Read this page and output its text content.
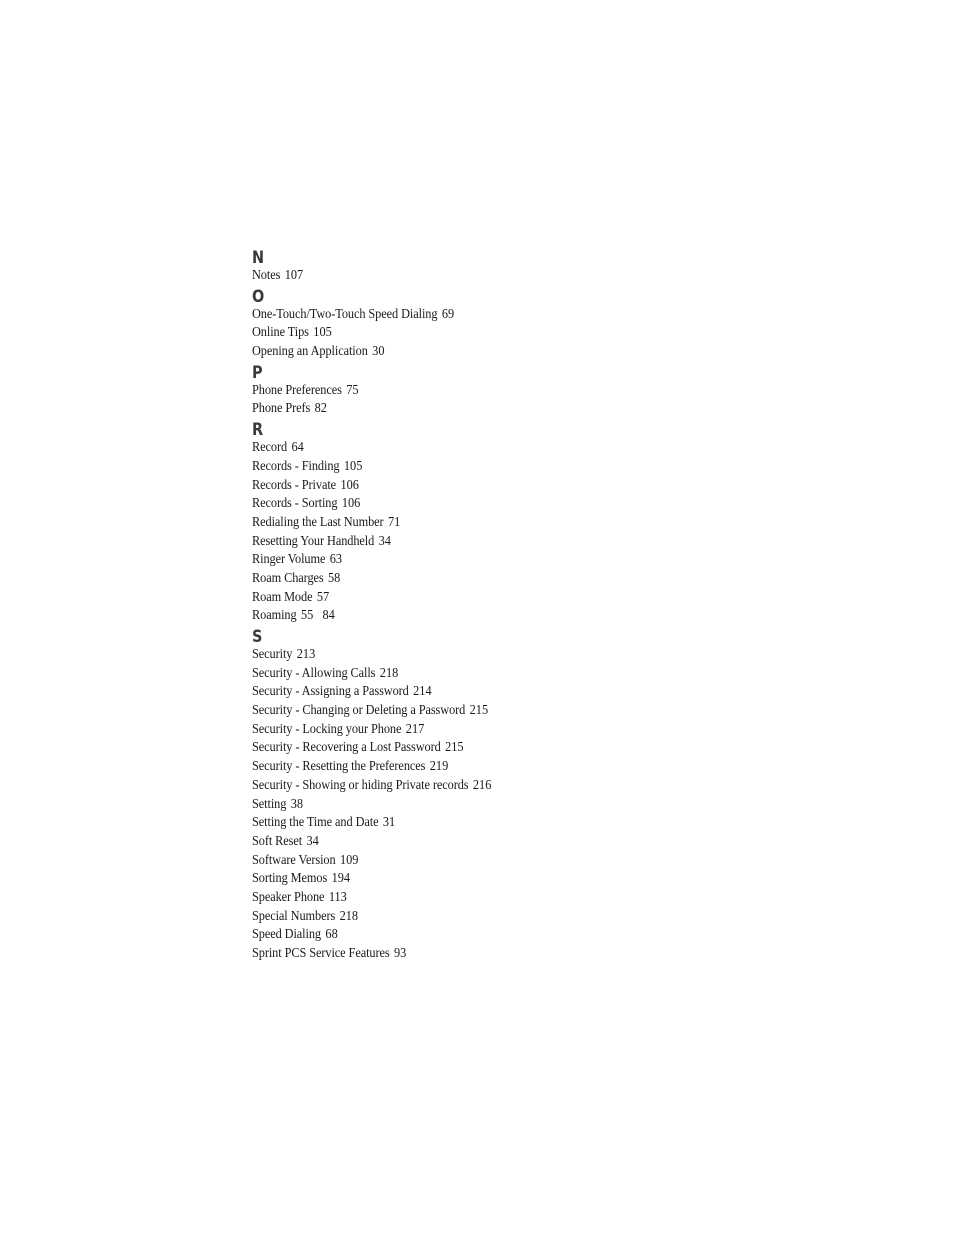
N
Notes 107
O
One-Touch/Two-Touch Speed Dialing 69
Online Tips 105
Opening an Application 30
P
Phone Preferences 75
Phone Prefs 82
R
Record 64
Records - Finding 105
Records - Private 106
Records - Sorting 106
Redialing the Last Number 71
Resetting Your Handheld 34
Ringer Volume 63
Roam Charges 58
Roam Mode 57
Roaming 55   84
S
Security 213
Security - Allowing Calls 218
Security - Assigning a Password 214
Security - Changing or Deleting a Password 215
Security - Locking your Phone 217
Security - Recovering a Lost Password 215
Security - Resetting the Preferences 219
Security - Showing or hiding Private records 216
Setting 38
Setting the Time and Date 31
Soft Reset 34
Software Version 109
Sorting Memos 194
Speaker Phone 113
Special Numbers 218
Speed Dialing 68
Sprint PCS Service Features 93
